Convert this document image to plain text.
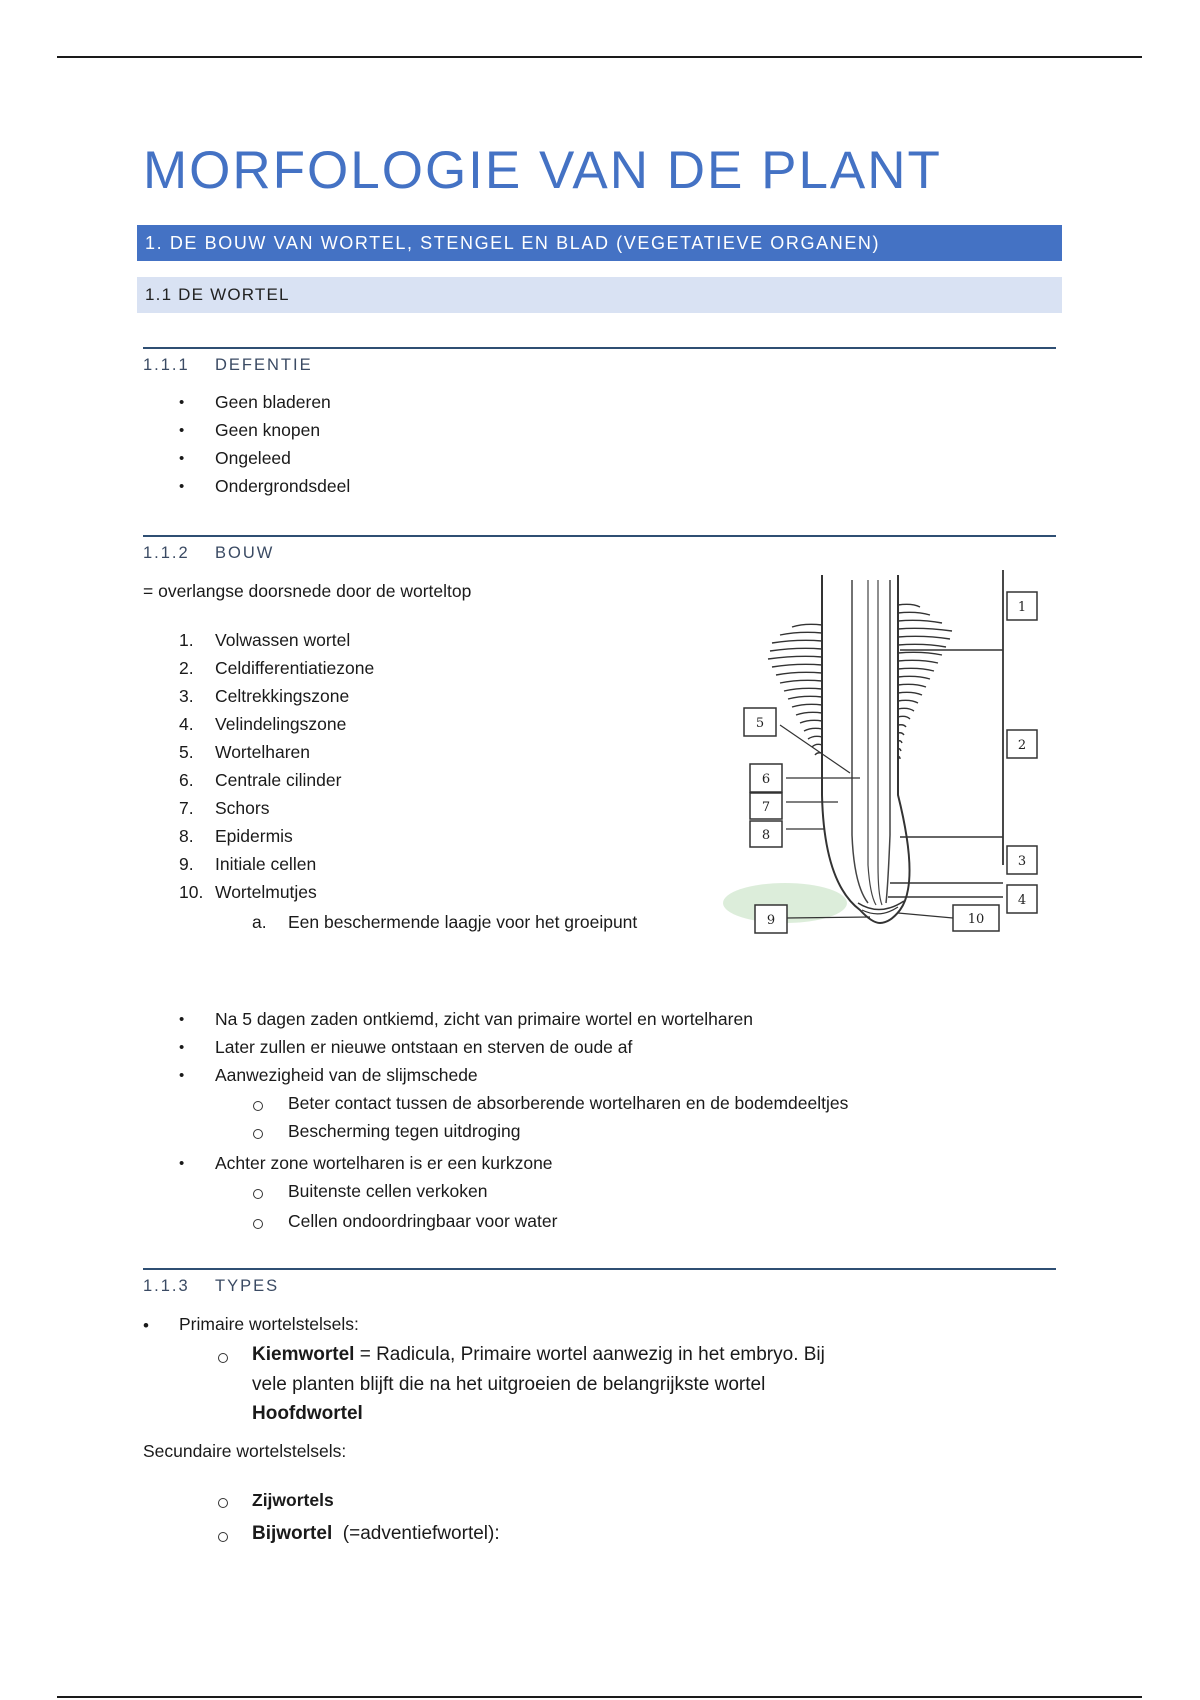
MORFOLOGIE VAN DE PLANT
1. DE BOUW VAN WORTEL, STENGEL EN BLAD (VEGETATIEVE ORGANEN)
1.1 DE WORTEL
1.1.1 DEFENTIE
• Geen bladeren
• Geen knopen
• Ongeleed
• Ondergrondsdeel
1.1.2 BOUW
= overlangse doorsnede door de worteltop
1. Volwassen wortel
2. Celdifferentiatiezone
3. Celtrekkingszone
4. Velindelingszone
5. Wortelharen
6. Centrale cilinder
7. Schors
8. Epidermis
9. Initiale cellen
10. Wortelmutjes
a. Een beschermende laagje voor het groeipunt
1
2
3
4
5
6
7
8
9	10
• Na 5 dagen zaden ontkiemd, zicht van primaire wortel en wortelharen
• Later zullen er nieuwe ontstaan en sterven de oude af
• Aanwezigheid van de slijmschede
Beter contact tussen de absorberende wortelharen en de bodemdeeltjes
Bescherming tegen uitdroging
• Achter zone wortelharen is er een kurkzone
Buitenste cellen verkoken
Cellen ondoordringbaar voor water
1.1.3 TYPES
• Primaire wortelstelsels:
Kiemwortel = Radicula, Primaire wortel aanwezig in het embryo. Bij
vele planten blijft die na het uitgroeien de belangrijkste wortel
Hoofdwortel
Secundaire wortelstelsels:
Zijwortels
Bijwortel  (=adventiefwortel):
